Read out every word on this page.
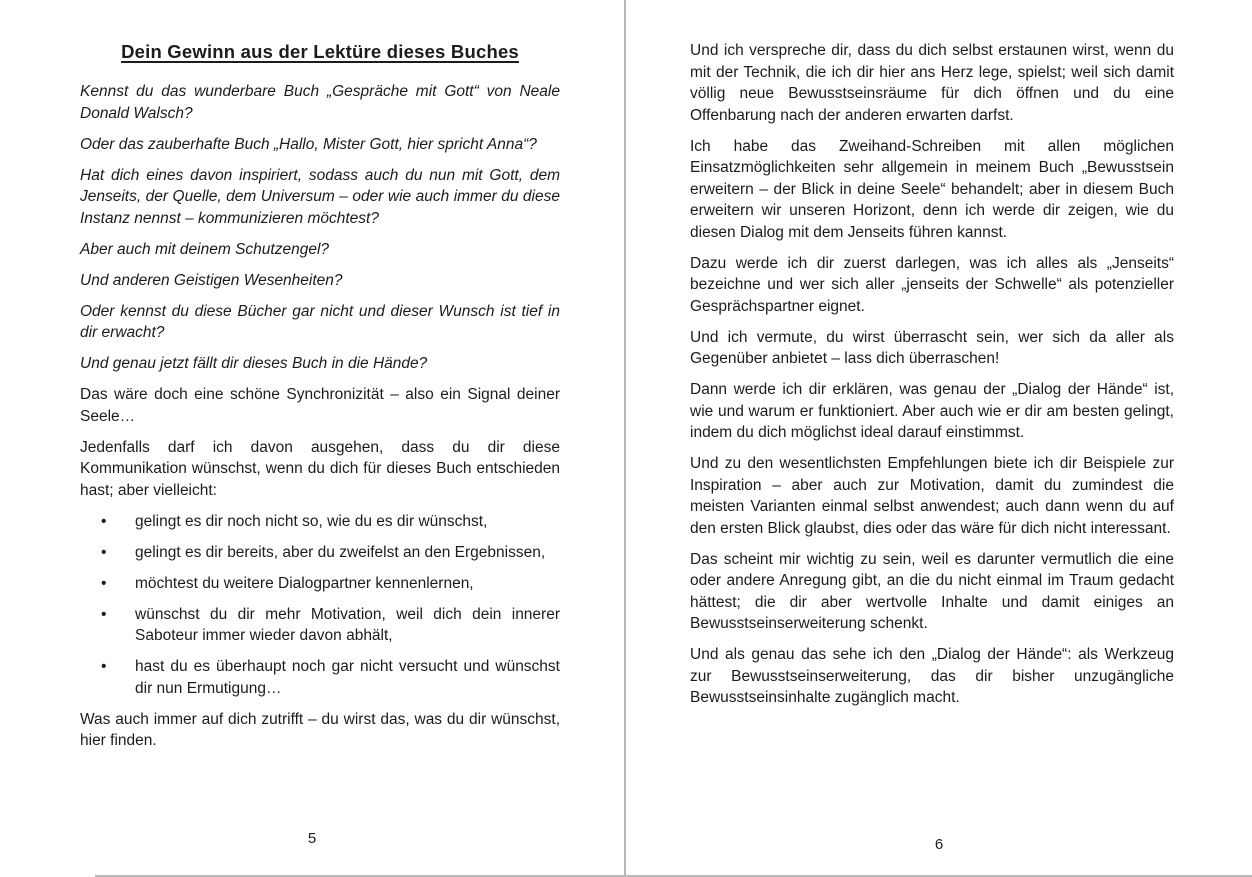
Dein Gewinn aus der Lektüre dieses Buches

Kennst du das wunderbare Buch „Gespräche mit Gott“ von Neale Donald Walsch?

Oder das zauberhafte Buch „Hallo, Mister Gott, hier spricht Anna“?

Hat dich eines davon inspiriert, sodass auch du nun mit Gott, dem Jenseits, der Quelle, dem Universum – oder wie auch immer du diese Instanz nennst – kommunizieren möchtest?

Aber auch mit deinem Schutzengel?

Und anderen Geistigen Wesenheiten?

Oder kennst du diese Bücher gar nicht und dieser Wunsch ist tief in dir erwacht?

Und genau jetzt fällt dir dieses Buch in die Hände?

Das wäre doch eine schöne Synchronizität – also ein Signal deiner Seele…

Jedenfalls darf ich davon ausgehen, dass du dir diese Kommunikation wünschst, wenn du dich für dieses Buch entschieden hast; aber vielleicht:

• gelingt es dir noch nicht so, wie du es dir wünschst,
• gelingt es dir bereits, aber du zweifelst an den Ergebnissen,
• möchtest du weitere Dialogpartner kennenlernen,
• wünschst du dir mehr Motivation, weil dich dein innerer Saboteur immer wieder davon abhält,
• hast du es überhaupt noch gar nicht versucht und wünschst dir nun Ermutigung…

Was auch immer auf dich zutrifft – du wirst das, was du dir wünschst, hier finden.

5

Und ich verspreche dir, dass du dich selbst erstaunen wirst, wenn du mit der Technik, die ich dir hier ans Herz lege, spielst; weil sich damit völlig neue Bewusstseinsräume für dich öffnen und du eine Offenbarung nach der anderen erwarten darfst.

Ich habe das Zweihand-Schreiben mit allen möglichen Einsatzmöglichkeiten sehr allgemein in meinem Buch „Bewusstsein erweitern – der Blick in deine Seele“ behandelt; aber in diesem Buch erweitern wir unseren Horizont, denn ich werde dir zeigen, wie du diesen Dialog mit dem Jenseits führen kannst.

Dazu werde ich dir zuerst darlegen, was ich alles als „Jenseits“ bezeichne und wer sich aller „jenseits der Schwelle“ als potenzieller Gesprächspartner eignet.

Und ich vermute, du wirst überrascht sein, wer sich da aller als Gegenüber anbietet – lass dich überraschen!

Dann werde ich dir erklären, was genau der „Dialog der Hände“ ist, wie und warum er funktioniert. Aber auch wie er dir am besten gelingt, indem du dich möglichst ideal darauf einstimmst.

Und zu den wesentlichsten Empfehlungen biete ich dir Beispiele zur Inspiration – aber auch zur Motivation, damit du zumindest die meisten Varianten einmal selbst anwendest; auch dann wenn du auf den ersten Blick glaubst, dies oder das wäre für dich nicht interessant.

Das scheint mir wichtig zu sein, weil es darunter vermutlich die eine oder andere Anregung gibt, an die du nicht einmal im Traum gedacht hättest; die dir aber wertvolle Inhalte und damit einiges an Bewusstseinserweiterung schenkt.

Und als genau das sehe ich den „Dialog der Hände“: als Werkzeug zur Bewusstseinserweiterung, das dir bisher unzugängliche Bewusstseinsinhalte zugänglich macht.

6
